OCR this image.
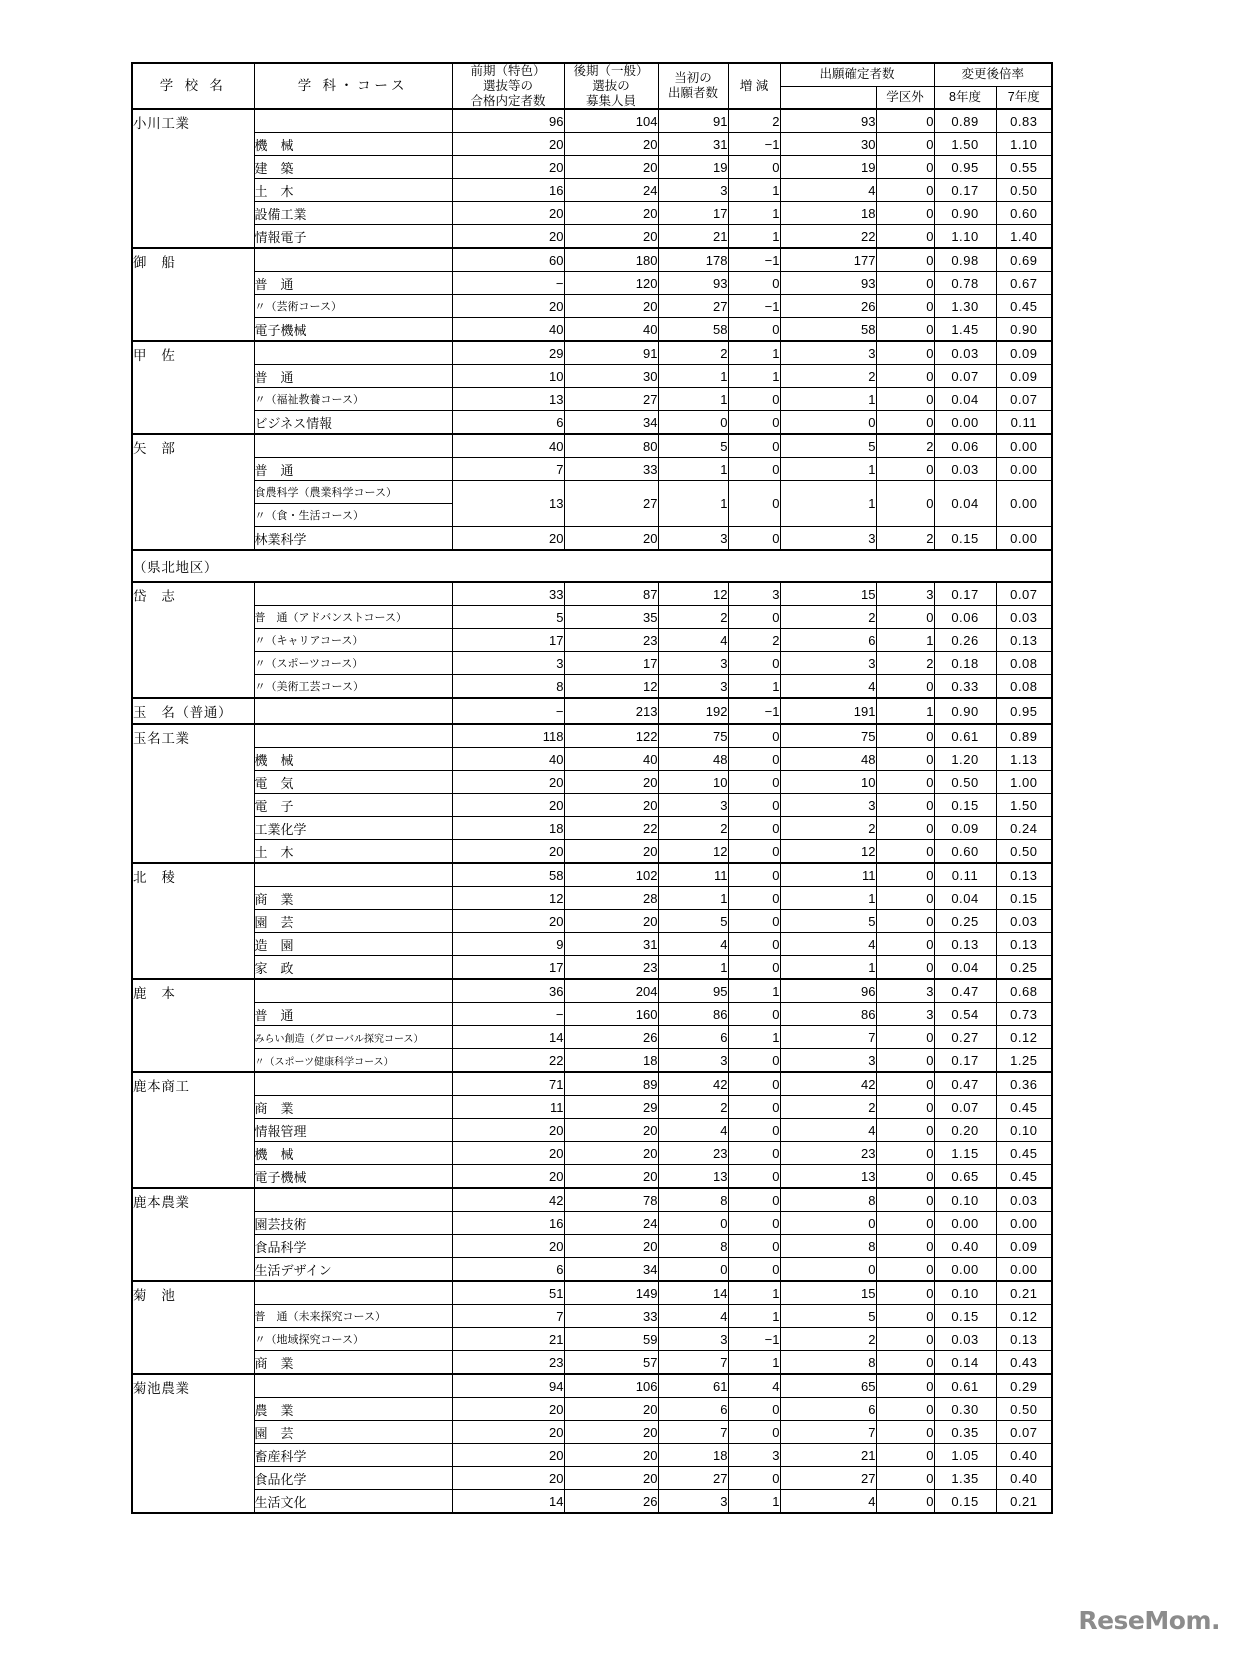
学 校 名	学 科・コース	前期（特色）
選抜等の
合格内定者数	後期（一般）
選抜の
募集人員	当初の
出願者数	増 減	出願確定者数		変更後倍率	
							学区外	8年度	7年度
小川工業		96	104	91	2	93	0	0.89	0.83
	機　械	20	20	31	−1	30	0	1.50	1.10
	建　築	20	20	19	0	19	0	0.95	0.55
	土　木	16	24	3	1	4	0	0.17	0.50
	設備工業	20	20	17	1	18	0	0.90	0.60
	情報電子	20	20	21	1	22	0	1.10	1.40
御　船		60	180	178	−1	177	0	0.98	0.69
	普　通	−	120	93	0	93	0	0.78	0.67
	〃（芸術コース）	20	20	27	−1	26	0	1.30	0.45
	電子機械	40	40	58	0	58	0	1.45	0.90
甲　佐		29	91	2	1	3	0	0.03	0.09
	普　通	10	30	1	1	2	0	0.07	0.09
	〃（福祉教養コース）	13	27	1	0	1	0	0.04	0.07
	ビジネス情報	6	34	0	0	0	0	0.00	0.11
矢　部		40	80	5	0	5	2	0.06	0.00
	普　通	7	33	1	0	1	0	0.03	0.00
	食農科学（農業科学コース）	13	27	1	0	1	0	0.04	0.00
	〃（食・生活コース）								
	林業科学	20	20	3	0	3	2	0.15	0.00
（県北地区）									
岱　志		33	87	12	3	15	3	0.17	0.07
	普　通（アドバンストコース）	5	35	2	0	2	0	0.06	0.03
	〃（キャリアコース）	17	23	4	2	6	1	0.26	0.13
	〃（スポーツコース）	3	17	3	0	3	2	0.18	0.08
	〃（美術工芸コース）	8	12	3	1	4	0	0.33	0.08
玉　名（普通）		−	213	192	−1	191	1	0.90	0.95
玉名工業		118	122	75	0	75	0	0.61	0.89
	機　械	40	40	48	0	48	0	1.20	1.13
	電　気	20	20	10	0	10	0	0.50	1.00
	電　子	20	20	3	0	3	0	0.15	1.50
	工業化学	18	22	2	0	2	0	0.09	0.24
	土　木	20	20	12	0	12	0	0.60	0.50
北　稜		58	102	11	0	11	0	0.11	0.13
	商　業	12	28	1	0	1	0	0.04	0.15
	園　芸	20	20	5	0	5	0	0.25	0.03
	造　園	9	31	4	0	4	0	0.13	0.13
	家　政	17	23	1	0	1	0	0.04	0.25
鹿　本		36	204	95	1	96	3	0.47	0.68
	普　通	−	160	86	0	86	3	0.54	0.73
	みらい創造（グローバル探究コース）	14	26	6	1	7	0	0.27	0.12
	〃（スポーツ健康科学コース）	22	18	3	0	3	0	0.17	1.25
鹿本商工		71	89	42	0	42	0	0.47	0.36
	商　業	11	29	2	0	2	0	0.07	0.45
	情報管理	20	20	4	0	4	0	0.20	0.10
	機　械	20	20	23	0	23	0	1.15	0.45
	電子機械	20	20	13	0	13	0	0.65	0.45
鹿本農業		42	78	8	0	8	0	0.10	0.03
	園芸技術	16	24	0	0	0	0	0.00	0.00
	食品科学	20	20	8	0	8	0	0.40	0.09
	生活デザイン	6	34	0	0	0	0	0.00	0.00
菊　池		51	149	14	1	15	0	0.10	0.21
	普　通（未来探究コース）	7	33	4	1	5	0	0.15	0.12
	〃（地域探究コース）	21	59	3	−1	2	0	0.03	0.13
	商　業	23	57	7	1	8	0	0.14	0.43
菊池農業		94	106	61	4	65	0	0.61	0.29
	農　業	20	20	6	0	6	0	0.30	0.50
	園　芸	20	20	7	0	7	0	0.35	0.07
	畜産科学	20	20	18	3	21	0	1.05	0.40
	食品化学	20	20	27	0	27	0	1.35	0.40
	生活文化	14	26	3	1	4	0	0.15	0.21
ReseMom.
